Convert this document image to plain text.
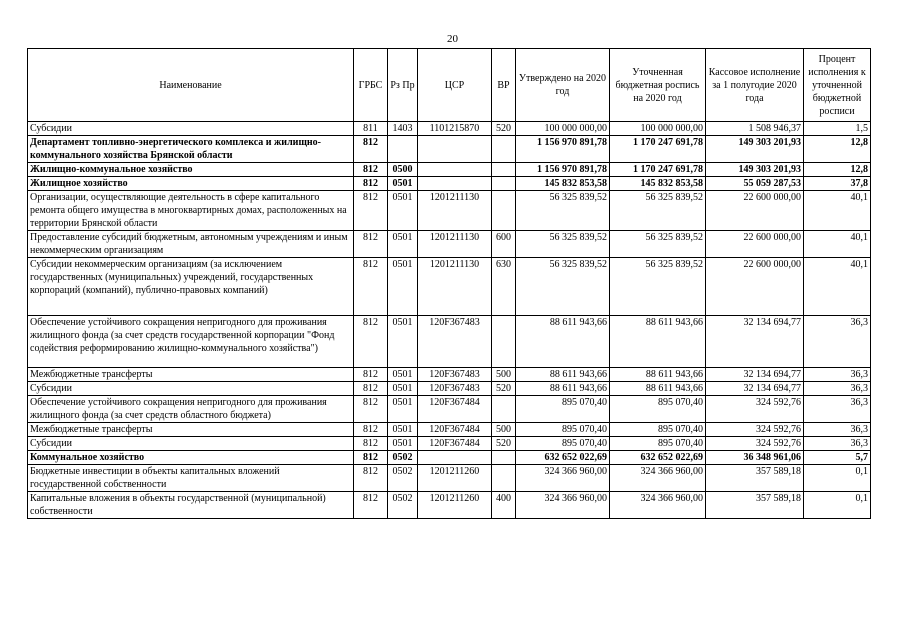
20
Наименование	ГРБС	Рз Пр	ЦСР	ВР	Утверждено на 2020 год	Уточненная бюджетная роспись на 2020 год	Кассовое исполнение за 1 полугодие 2020 года	Процент исполнения к уточненной бюджетной росписи
Субсидии	811	1403	1101215870	520	100 000 000,00	100 000 000,00	1 508 946,37	1,5
Департамент топливно-энергетического комплекса и жилищно-коммунального хозяйства Брянской области	812				1 156 970 891,78	1 170 247 691,78	149 303 201,93	12,8
Жилищно-коммунальное хозяйство	812	0500			1 156 970 891,78	1 170 247 691,78	149 303 201,93	12,8
Жилищное хозяйство	812	0501			145 832 853,58	145 832 853,58	55 059 287,53	37,8
Организации, осуществляющие деятельность в сфере капитального ремонта общего имущества в многоквартирных домах, расположенных на территории Брянской области	812	0501	1201211130		56 325 839,52	56 325 839,52	22 600 000,00	40,1
Предоставление субсидий бюджетным, автономным учреждениям и иным некоммерческим организациям	812	0501	1201211130	600	56 325 839,52	56 325 839,52	22 600 000,00	40,1
Субсидии некоммерческим организациям (за исключением государственных (муниципальных) учреждений, государственных корпораций (компаний), публично-правовых компаний)	812	0501	1201211130	630	56 325 839,52	56 325 839,52	22 600 000,00	40,1
Обеспечение устойчивого сокращения непригодного для проживания жилищного фонда (за счет средств государственной корпорации "Фонд содействия реформированию жилищно-коммунального хозяйства")	812	0501	120F367483		88 611 943,66	88 611 943,66	32 134 694,77	36,3
Межбюджетные трансферты	812	0501	120F367483	500	88 611 943,66	88 611 943,66	32 134 694,77	36,3
Субсидии	812	0501	120F367483	520	88 611 943,66	88 611 943,66	32 134 694,77	36,3
Обеспечение устойчивого сокращения непригодного для проживания жилищного фонда (за счет средств областного бюджета)	812	0501	120F367484		895 070,40	895 070,40	324 592,76	36,3
Межбюджетные трансферты	812	0501	120F367484	500	895 070,40	895 070,40	324 592,76	36,3
Субсидии	812	0501	120F367484	520	895 070,40	895 070,40	324 592,76	36,3
Коммунальное хозяйство	812	0502			632 652 022,69	632 652 022,69	36 348 961,06	5,7
Бюджетные инвестиции в объекты капитальных вложений государственной собственности	812	0502	1201211260		324 366 960,00	324 366 960,00	357 589,18	0,1
Капитальные вложения в объекты государственной (муниципальной) собственности	812	0502	1201211260	400	324 366 960,00	324 366 960,00	357 589,18	0,1
